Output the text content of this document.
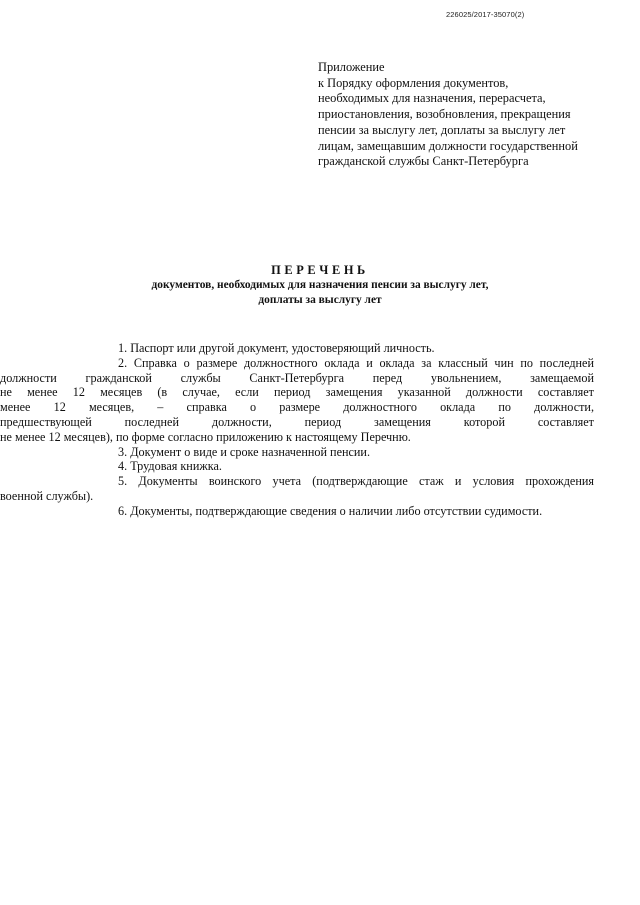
226025/2017-35070(2)
Приложение
к Порядку оформления документов,
необходимых для назначения, перерасчета,
приостановления, возобновления, прекращения
пенсии за выслугу лет, доплаты за выслугу лет
лицам, замещавшим должности государственной
гражданской службы Санкт-Петербурга
ПЕРЕЧЕНЬ
документов, необходимых для назначения пенсии за выслугу лет,
доплаты за выслугу лет
1. Паспорт или другой документ, удостоверяющий личность.
2. Справка о размере должностного оклада и оклада за классный чин по последней
должности гражданской службы Санкт-Петербурга перед увольнением, замещаемой
не менее 12 месяцев (в случае, если период замещения указанной должности составляет
менее 12 месяцев, – справка о размере должностного оклада по должности,
предшествующей последней должности, период замещения которой составляет
не менее 12 месяцев), по форме согласно приложению к настоящему Перечню.
3. Документ о виде и сроке назначенной пенсии.
4. Трудовая книжка.
5. Документы воинского учета (подтверждающие стаж и условия прохождения
военной службы).
6. Документы, подтверждающие сведения о наличии либо отсутствии судимости.
